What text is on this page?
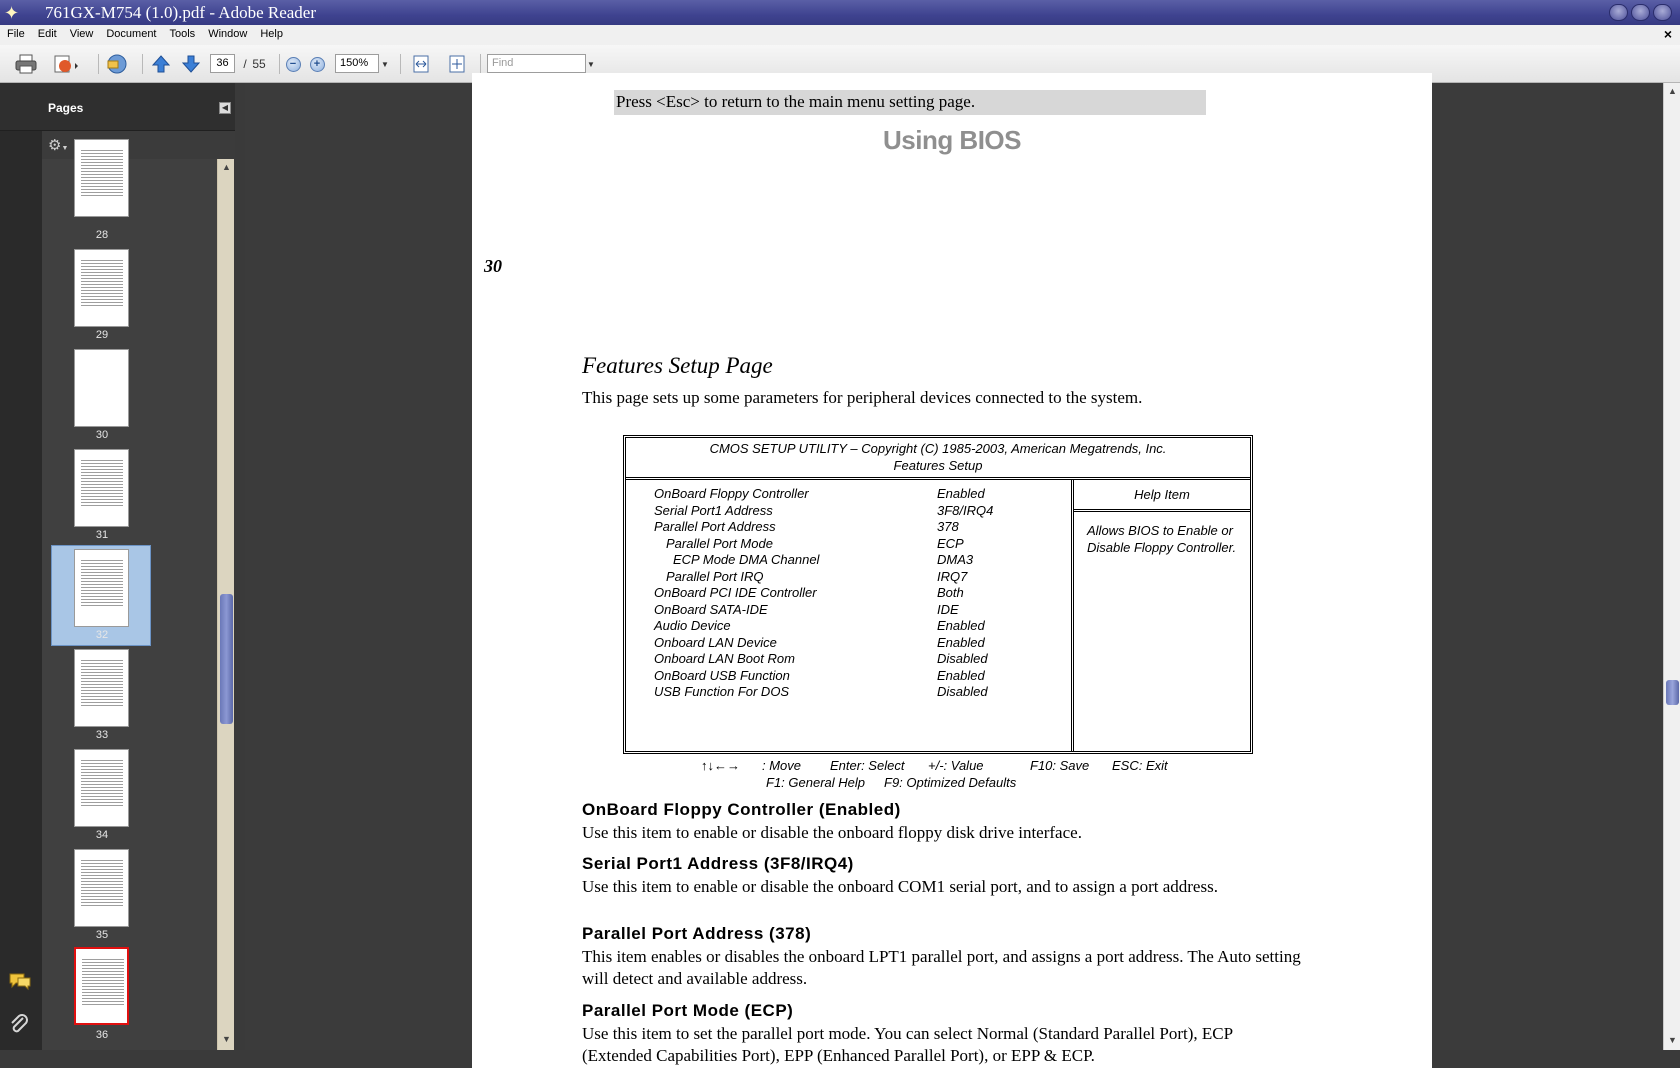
✦ 761GX-M754 (1.0).pdf - Adobe Reader
File	Edit	View	Document	Tools	Window	Help	×
36	/ 55	−	+	150%	▼	Find	▼
Pages	◀
⚙▼
28
29
30
31
32
33
34
35
36
▲
▼
Press <Esc> to return to the main menu setting page.
Using BIOS
30
Features Setup Page
This page sets up some parameters for peripheral devices connected to the system.
CMOS SETUP UTILITY – Copyright (C) 1985-2003, American Megatrends, Inc.
Features Setup
OnBoard Floppy Controller	Enabled
Serial Port1 Address	3F8/IRQ4
Parallel Port Address	378
Parallel Port Mode	ECP
ECP Mode DMA Channel	DMA3
Parallel Port IRQ	IRQ7
OnBoard PCI IDE Controller	Both
OnBoard SATA-IDE	IDE
Audio Device	Enabled
Onboard LAN Device	Enabled
Onboard LAN Boot Rom	Disabled
OnBoard USB Function	Enabled
USB Function For DOS	Disabled
Help Item
Allows BIOS to Enable or Disable Floppy Controller.
↑↓←→ : Move Enter: Select +/-: Value	F10: Save ESC: Exit
F1: General Help F9: Optimized Defaults
OnBoard Floppy Controller (Enabled)
Use this item to enable or disable the onboard floppy disk drive interface.
Serial Port1 Address (3F8/IRQ4)
Use this item to enable or disable the onboard COM1 serial port, and to assign a port address.
Parallel Port Address (378)
This item enables or disables the onboard LPT1 parallel port, and assigns a port address. The Auto setting will detect and available address.
Parallel Port Mode (ECP)
Use this item to set the parallel port mode. You can select Normal (Standard Parallel Port), ECP (Extended Capabilities Port), EPP (Enhanced Parallel Port), or EPP & ECP.
▲
▼
